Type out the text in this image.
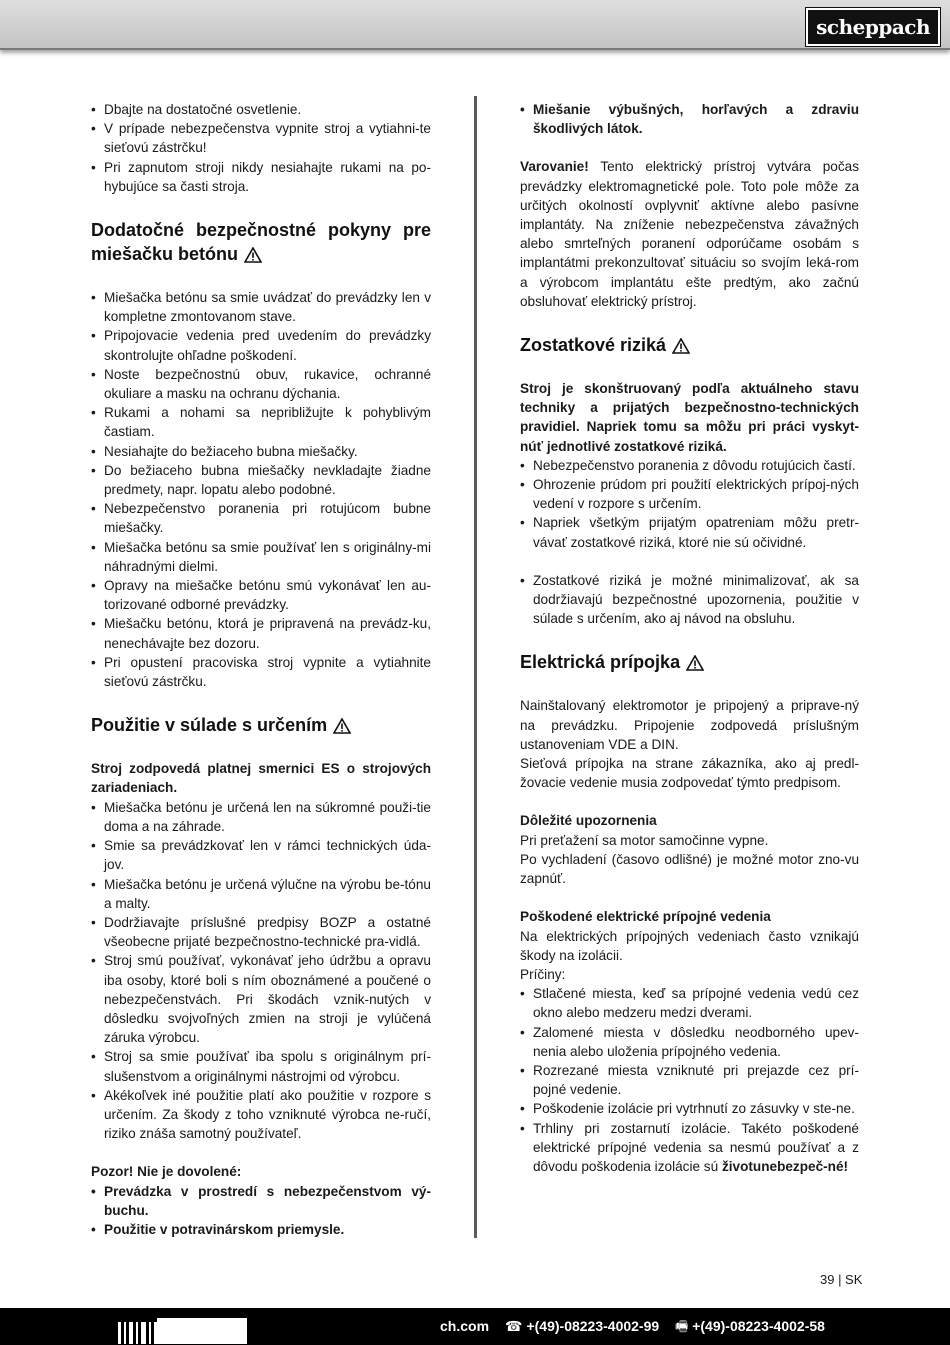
scheppach
• Dbajte na dostatočné osvetlenie.
• V prípade nebezpečenstva vypnite stroj a vytiahni-te sieťovú zástrčku!
• Pri zapnutom stroji nikdy nesiahajte rukami na po-hybujúce sa časti stroja.
Dodatočné bezpečnostné pokyny pre miešačku betónu
• Miešačka betónu sa smie uvádzať do prevádzky len v kompletne zmontovanom stave.
• Pripojovacie vedenia pred uvedením do prevádzky skontrolujte ohľadne poškodení.
• Noste bezpečnostnú obuv, rukavice, ochranné okuliare a masku na ochranu dýchania.
• Rukami a nohami sa nepribližujte k pohyblivým častiam.
• Nesiahajte do bežiaceho bubna miešačky.
• Do bežiaceho bubna miešačky nevkladajte žiadne predmety, napr. lopatu alebo podobné.
• Nebezpečenstvo poranenia pri rotujúcom bubne miešačky.
• Miešačka betónu sa smie používať len s originálny-mi náhradnými dielmi.
• Opravy na miešačke betónu smú vykonávať len au-torizované odborné prevádzky.
• Miešačku betónu, ktorá je pripravená na prevádz-ku, nenechávajte bez dozoru.
• Pri opustení pracoviska stroj vypnite a vytiahnite sieťovú zástrčku.
Použitie v súlade s určením

Stroj zodpovedá platnej smernici ES o strojových zariadeniach.

• Miešačka betónu je určená len na súkromné použi-tie doma a na záhrade.
• Smie sa prevádzkovať len v rámci technických úda-jov.
• Miešačka betónu je určená výlučne na výrobu be-tónu a malty.
• Dodržiavajte príslušné predpisy BOZP a ostatné všeobecne prijaté bezpečnostno-technické pra-vidlá.
• Stroj smú používať, vykonávať jeho údržbu a opravu iba osoby, ktoré boli s ním oboznámené a poučené o nebezpečenstvách. Pri škodách vznik-nutých v dôsledku svojvoľných zmien na stroji je vylúčená záruka výrobcu.
• Stroj sa smie používať iba spolu s originálnym prí-slušenstvom a originálnymi nástrojmi od výrobcu.
• Akékoľvek iné použitie platí ako použitie v rozpore s určením. Za škody z toho vzniknuté výrobca ne-ručí, riziko znáša samotný používateľ.

Pozor! Nie je dovolené:

• Prevádzka v prostredí s nebezpečenstvom vý-buchu.
• Použitie v potravinárskom priemysle.
• Miešanie výbušných, horľavých a zdraviu škodlivých látok.

Varovanie! Tento elektrický prístroj vytvára počas prevádzky elektromagnetické pole. Toto pole môže za určitých okolností ovplyvniť aktívne alebo pasívne implantáty. Na zníženie nebezpečenstva závažných alebo smrteľných poranení odporúčame osobám s implantátmi prekonzultovať situáciu so svojím leká-rom a výrobcom implantátu ešte predtým, ako začnú obsluhovať elektrický prístroj.

Zostatkové riziká

Stroj je skonštruovaný podľa aktuálneho stavu techniky a prijatých bezpečnostno-technických pravidiel. Napriek tomu sa môžu pri práci vyskyt-núť jednotlivé zostatkové riziká.

• Nebezpečenstvo poranenia z dôvodu rotujúcich častí.
• Ohrozenie prúdom pri použití elektrických prípoj-ných vedení v rozpore s určením.
• Napriek všetkým prijatým opatreniam môžu pretr-vávať zostatkové riziká, ktoré nie sú očividné.
• Zostatkové riziká je možné minimalizovať, ak sa dodržiavajú bezpečnostné upozornenia, použitie v súlade s určením, ako aj návod na obsluhu.
Elektrická prípojka

Nainštalovaný elektromotor je pripojený a priprave-ný na prevádzku. Pripojenie zodpovedá príslušným ustanoveniam VDE a DIN.

Sieťová prípojka na strane zákazníka, ako aj predl-žovacie vedenie musia zodpovedať týmto predpisom.

Dôležité upozornenia

Pri preťažení sa motor samočinne vypne.

Po vychladení (časovo odlišné) je možné motor zno-vu zapnúť.

Poškodené elektrické prípojné vedenia

Na elektrických prípojných vedeniach často vznikajú škody na izolácii.

Príčiny:

• Stlačené miesta, keď sa prípojné vedenia vedú cez okno alebo medzeru medzi dverami.
• Zalomené miesta v dôsledku neodborného upev-nenia alebo uloženia prípojného vedenia.
• Rozrezané miesta vzniknuté pri prejazde cez prí-pojné vedenie.
• Poškodenie izolácie pri vytrhnutí zo zásuvky v ste-ne.
• Trhliny pri zostarnutí izolácie. Takéto poškodené elektrické prípojné vedenia sa nesmú používať a z dôvodu poškodenia izolácie sú životunebezpeč-né!
39 | SK
ch.com ☎ +(49)-08223-4002-99 🖷 +(49)-08223-4002-58
